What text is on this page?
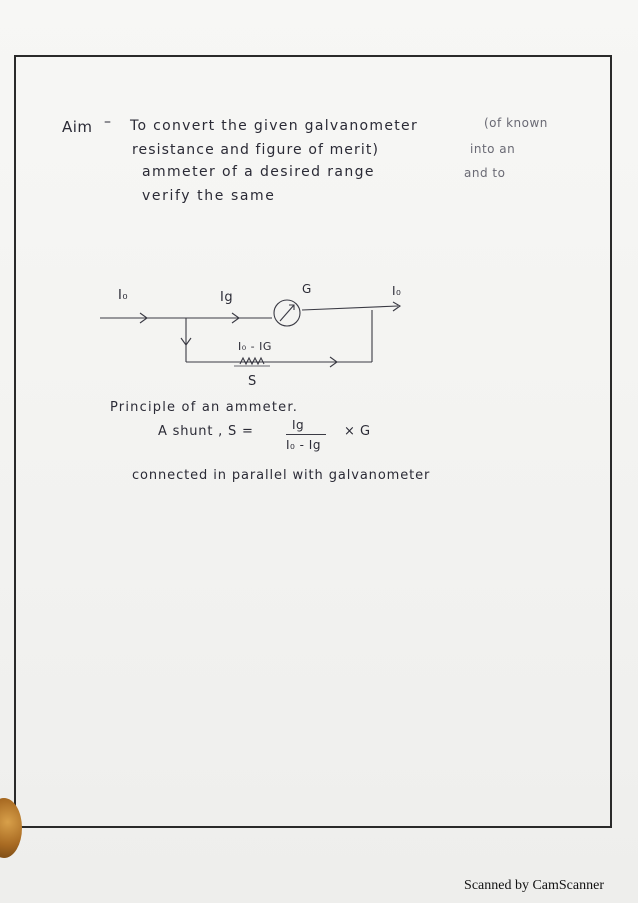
Aim – To convert the given galvanometer	(of known
resistance and figure of merit)	into an
ammeter of a desired range	and to
verify the same
I₀	Ig
G	I₀
I₀ - IG
S
Principle of an ammeter.
A shunt , S =	Ig
I₀ - Ig
× G
connected in parallel with galvanometer
Scanned by CamScanner
